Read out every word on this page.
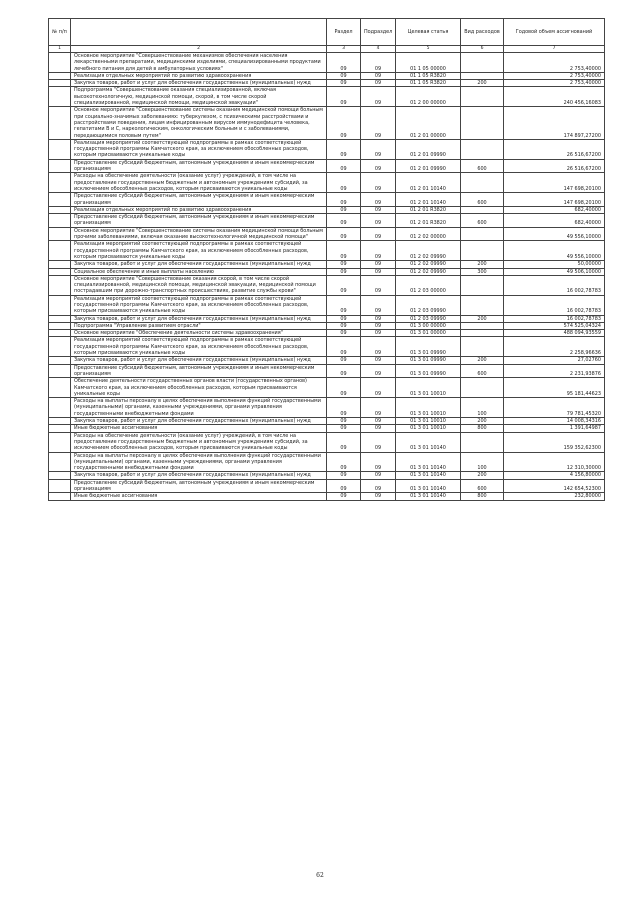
№ п/п		Раздел	Подраздел	Целевая статья	Вид расходов	Годовой объем ассигнований
1	2	3	4	5	6	7
	Основное мероприятие "Совершенствование механизмов обеспечения населения лекарственными препаратами, медицинскими изделиями, специализированными продуктами лечебного питания для детей в амбулаторных условиях"	09	09	01 1 05 00000		2 753,40000
	Реализация отдельных мероприятий по развитию здравоохранения	09	09	01 1 05 R3820		2 753,40000
	Закупка товаров, работ и услуг для обеспечения государственных (муниципальных) нужд	09	09	01 1 05 R3820	200	2 753,40000
	Подпрограмма "Совершенствование оказания специализированной, включая высокотехнологичную, медицинской помощи, скорой, в том числе скорой специализированной, медицинской помощи, медицинской эвакуации"	09	09	01 2 00 00000		240 456,16083
	Основное мероприятие "Совершенствование системы оказания медицинской помощи больным при социально-значимых заболеваниях: туберкулезом, с психическими расстройствами и расстройствами поведения, лицам инфицированным вирусом иммунодефицита человека, гепатитами В и С, наркологическим, онкологическим больным и с заболеваниями, передающимися половым путем"	09	09	01 2 01 00000		174 897,27200
	Реализация мероприятий соответствующей подпрограммы в рамках соответствующей государственной программы Камчатского края, за исключением обособленных расходов, которым присваиваются уникальные коды	09	09	01 2 01 09990		26 516,67200
	Предоставление субсидий бюджетным, автономным учреждениям и иным некоммерческим организациям	09	09	01 2 01 09990	600	26 516,67200
	Расходы на обеспечение деятельности (оказание услуг) учреждений, в том числе на предоставление государственным бюджетным и автономным учреждениям субсидий, за исключением обособленных расходов, которым присваиваются уникальные коды	09	09	01 2 01 10140		147 698,20100
	Предоставление субсидий бюджетным, автономным учреждениям и иным некоммерческим организациям	09	09	01 2 01 10140	600	147 698,20100
	Реализация отдельных мероприятий по развитию здравоохранения	09	09	01 2 01 R3820		682,40000
	Предоставление субсидий бюджетным, автономным учреждениям и иным некоммерческим организациям	09	09	01 2 01 R3820	600	682,40000
	Основное мероприятие "Совершенствование системы оказания медицинской помощи больным прочими заболеваниями, включая оказание высокотехнологичной медицинской помощи"	09	09	01 2 02 00000		49 556,10000
	Реализация мероприятий соответствующей подпрограммы в рамках соответствующей государственной программы Камчатского края, за исключением обособленных расходов, которым присваиваются уникальные коды	09	09	01 2 02 09990		49 556,10000
	Закупка товаров, работ и услуг для обеспечения государственных (муниципальных) нужд	09	09	01 2 02 09990	200	50,00000
	Социальное обеспечение и иные выплаты населению	09	09	01 2 02 09990	300	49 506,10000
	Основное мероприятие "Совершенствование оказания скорой, в том числе скорой специализированной, медицинской помощи, медицинской эвакуации, медицинской помощи пострадавшим при дорожно-транспортных происшествиях, развитие службы крови"	09	09	01 2 03 00000		16 002,78783
	Реализация мероприятий соответствующей подпрограммы в рамках соответствующей государственной программы Камчатского края, за исключением обособленных расходов, которым присваиваются уникальные коды	09	09	01 2 03 09990		16 002,78783
	Закупка товаров, работ и услуг для обеспечения государственных (муниципальных) нужд	09	09	01 2 03 09990	200	16 002,78783
	Подпрограмма "Управление развитием отрасли"	09	09	01 3 00 00000		574 525,04324
	Основное мероприятие "Обеспечение деятельности системы здравоохранения"	09	09	01 3 01 00000		488 094,93559
	Реализация мероприятий соответствующей подпрограммы в рамках соответствующей государственной программы Камчатского края, за исключением обособленных расходов, которым присваиваются уникальные коды	09	09	01 3 01 09990		2 258,96636
	Закупка товаров, работ и услуг для обеспечения государственных (муниципальных) нужд	09	09	01 3 01 09990	200	27,02760
	Предоставление субсидий бюджетным, автономным учреждениям и иным некоммерческим организациям	09	09	01 3 01 09990	600	2 231,93876
	Обеспечение деятельности государственных органов власти (государственных органов) Камчатского края, за исключением обособленных расходов, которым присваиваются уникальные коды	09	09	01 3 01 10010		95 181,44623
	Расходы на выплаты персоналу в целях обеспечения выполнения функций государственными (муниципальными) органами, казенными учреждениями, органами управления государственными внебюджетными фондами	09	09	01 3 01 10010	100	79 781,45320
	Закупка товаров, работ и услуг для обеспечения государственных (муниципальных) нужд	09	09	01 3 01 10010	200	14 008,34316
	Иные бюджетные ассигнования	09	09	01 3 01 10010	800	1 391,64987
	Расходы на обеспечение деятельности (оказание услуг) учреждений, в том числе на предоставление государственным бюджетным и автономным учреждениям субсидий, за исключением обособленных расходов, которым присваиваются уникальные коды	09	09	01 3 01 10140		159 352,62300
	Расходы на выплаты персоналу в целях обеспечения выполнения функций государственными (муниципальными) органами, казенными учреждениями, органами управления государственными внебюджетными фондами	09	09	01 3 01 10140	100	12 310,30000
	Закупка товаров, работ и услуг для обеспечения государственных (муниципальных) нужд	09	09	01 3 01 10140	200	4 156,80000
	Предоставление субсидий бюджетным, автономным учреждениям и иным некоммерческим организациям	09	09	01 3 01 10140	600	142 654,52300
	Иные бюджетные ассигнования	09	09	01 3 01 10140	800	232,80000
62
